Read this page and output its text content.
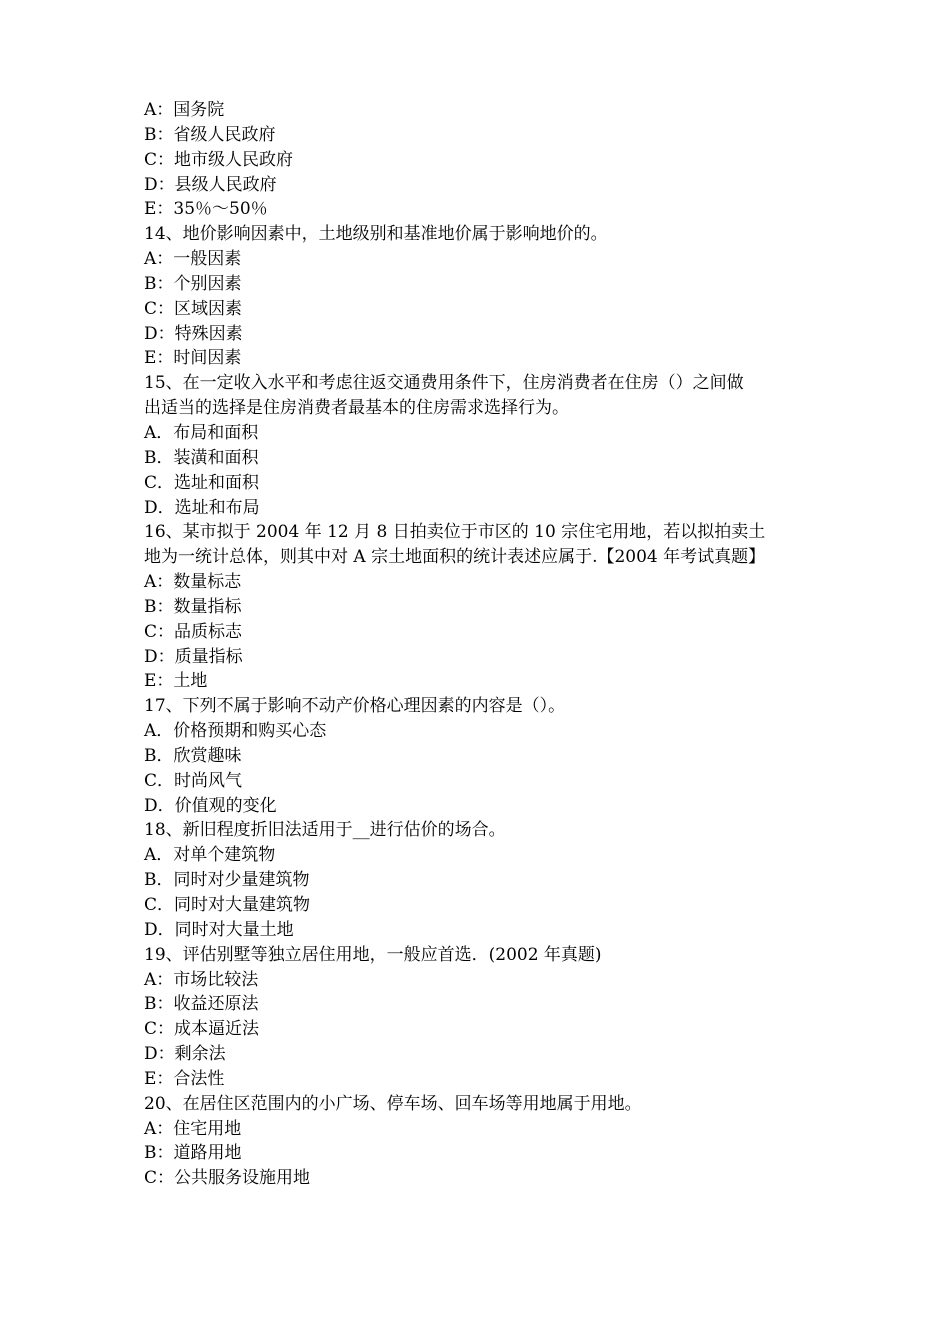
A：国务院
B：省级人民政府
C：地市级人民政府
D：县级人民政府
E：35％～50％
14、地价影响因素中，土地级别和基准地价属于影响地价的。
A：一般因素
B：个别因素
C：区域因素
D：特殊因素
E：时间因素
15、在一定收入水平和考虑往返交通费用条件下，住房消费者在住房（）之间做
出适当的选择是住房消费者最基本的住房需求选择行为。
A．布局和面积
B．装潢和面积
C．选址和面积
D．选址和布局
16、某市拟于 2004 年 12 月 8 日拍卖位于市区的 10 宗住宅用地，若以拟拍卖土
地为一统计总体，则其中对 A 宗土地面积的统计表述应属于.【2004 年考试真题】
A：数量标志
B：数量指标
C：品质标志
D：质量指标
E：土地
17、下列不属于影响不动产价格心理因素的内容是（）。
A．价格预期和购买心态
B．欣赏趣味
C．时尚风气
D．价值观的变化
18、新旧程度折旧法适用于__进行估价的场合。
A．对单个建筑物
B．同时对少量建筑物
C．同时对大量建筑物
D．同时对大量土地
19、评估别墅等独立居住用地，一般应首选．(2002 年真题)
A：市场比较法
B：收益还原法
C：成本逼近法
D：剩余法
E：合法性
20、在居住区范围内的小广场、停车场、回车场等用地属于用地。
A：住宅用地
B：道路用地
C：公共服务设施用地
